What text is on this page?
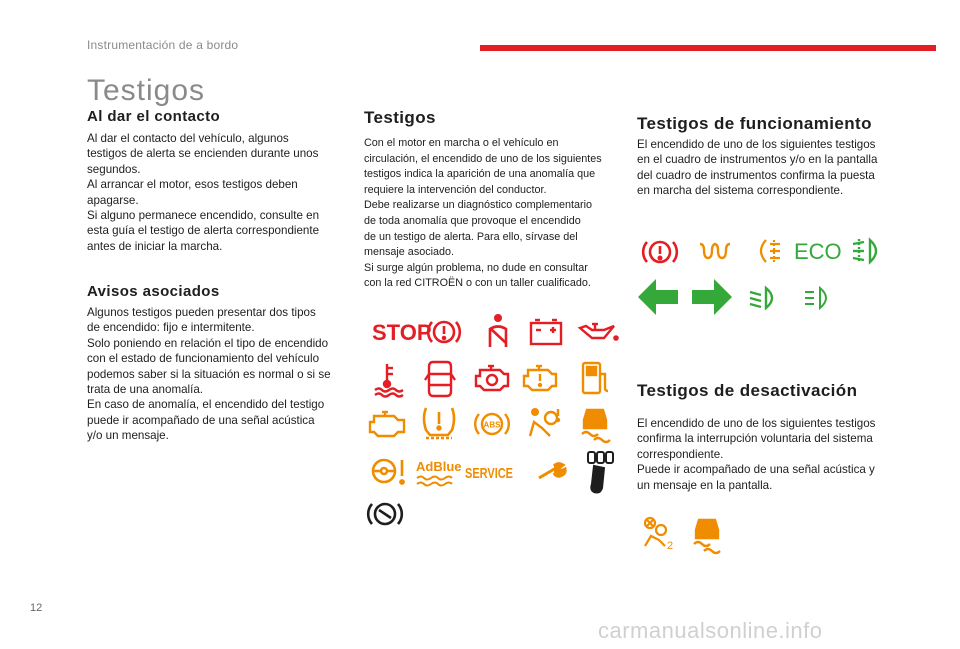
Instrumentación de a bordo
Testigos
Al dar el contacto

Al dar el contacto del vehículo, algunos
testigos de alerta se encienden durante unos
segundos.
Al arrancar el motor, esos testigos deben
apagarse.
Si alguno permanece encendido, consulte en
esta guía el testigo de alerta correspondiente
antes de iniciar la marcha.

Avisos asociados

Algunos testigos pueden presentar dos tipos
de encendido: fijo e intermitente.
Solo poniendo en relación el tipo de encendido
con el estado de funcionamiento del vehículo
podemos saber si la situación es normal o si se
trata de una anomalía.
En caso de anomalía, el encendido del testigo
puede ir acompañado de una señal acústica
y/o un mensaje.

Testigos

Con el motor en marcha o el vehículo en
circulación, el encendido de uno de los siguientes
testigos indica la aparición de una anomalía que
requiere la intervención del conductor.
Debe realizarse un diagnóstico complementario
de toda anomalía que provoque el encendido
de un testigo de alerta. Para ello, sírvase del
mensaje asociado.
Si surge algún problema, no dude en consultar
con la red CITROËN o con un taller cualificado.

STOP
ABS
AdBlue SERVICE
Testigos de funcionamiento

El encendido de uno de los siguientes testigos
en el cuadro de instrumentos y/o en la pantalla
del cuadro de instrumentos confirma la puesta
en marcha del sistema correspondiente.

ECO
Testigos de desactivación

El encendido de uno de los siguientes testigos
confirma la interrupción voluntaria del sistema
correspondiente.
Puede ir acompañado de una señal acústica y
un mensaje en la pantalla.

2
12
carmanualsonline.info
